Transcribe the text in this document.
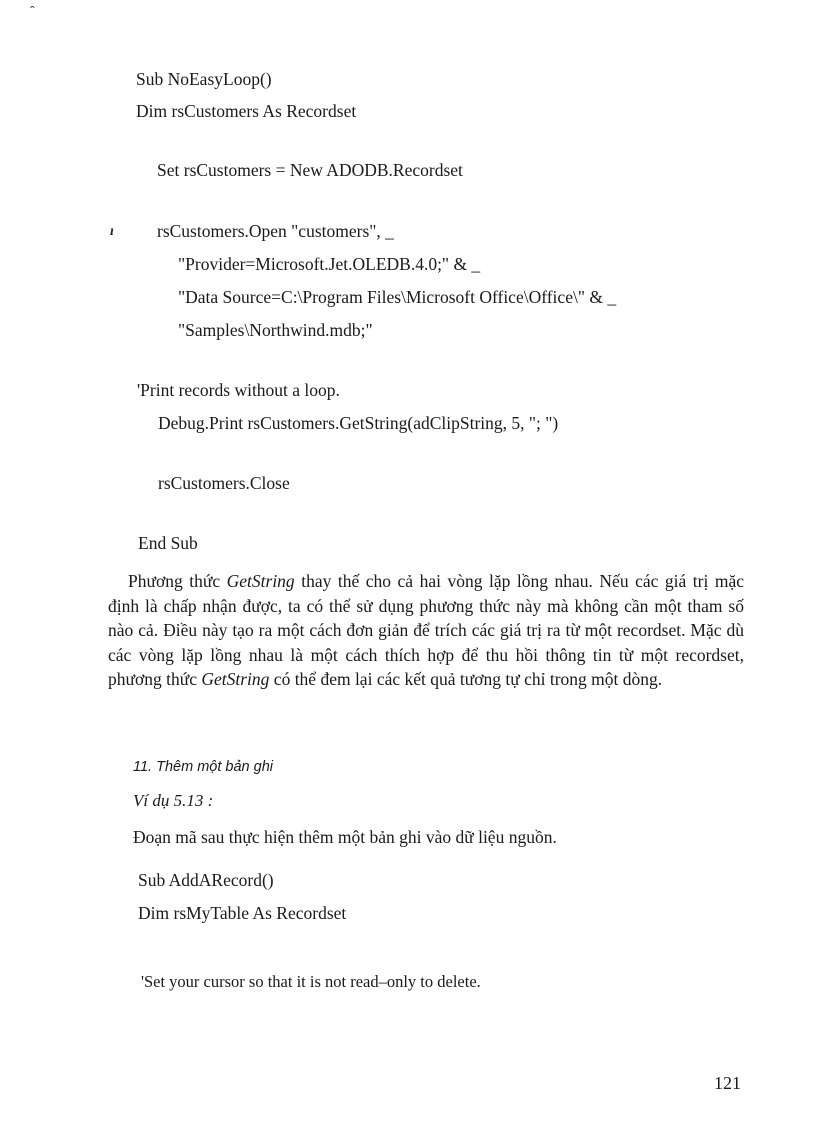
ꞈ
ı
Sub NoEasyLoop()
Dim rsCustomers As Recordset
Set rsCustomers = New ADODB.Recordset
rsCustomers.Open "customers", _
"Provider=Microsoft.Jet.OLEDB.4.0;" & _
"Data Source=C:\Program Files\Microsoft Office\Office\" & _
"Samples\Northwind.mdb;"
'Print records without a loop.
Debug.Print rsCustomers.GetString(adClipString, 5, "; ")
rsCustomers.Close
End Sub
Phương thức GetString thay thế cho cả hai vòng lặp lồng nhau. Nếu các giá trị mặc định là chấp nhận được, ta có thể sử dụng phương thức này mà không cần một tham số nào cả. Điều này tạo ra một cách đơn giản để trích các giá trị ra từ một recordset. Mặc dù các vòng lặp lồng nhau là một cách thích hợp để thu hồi thông tin từ một recordset, phương thức GetString có thể đem lại các kết quả tương tự chỉ trong một dòng.
11. Thêm một bản ghi
Ví dụ 5.13 :
Đoạn mã sau thực hiện thêm một bản ghi vào dữ liệu nguồn.
Sub AddARecord()
Dim rsMyTable As Recordset
'Set your cursor so that it is not read–only to delete.
121
